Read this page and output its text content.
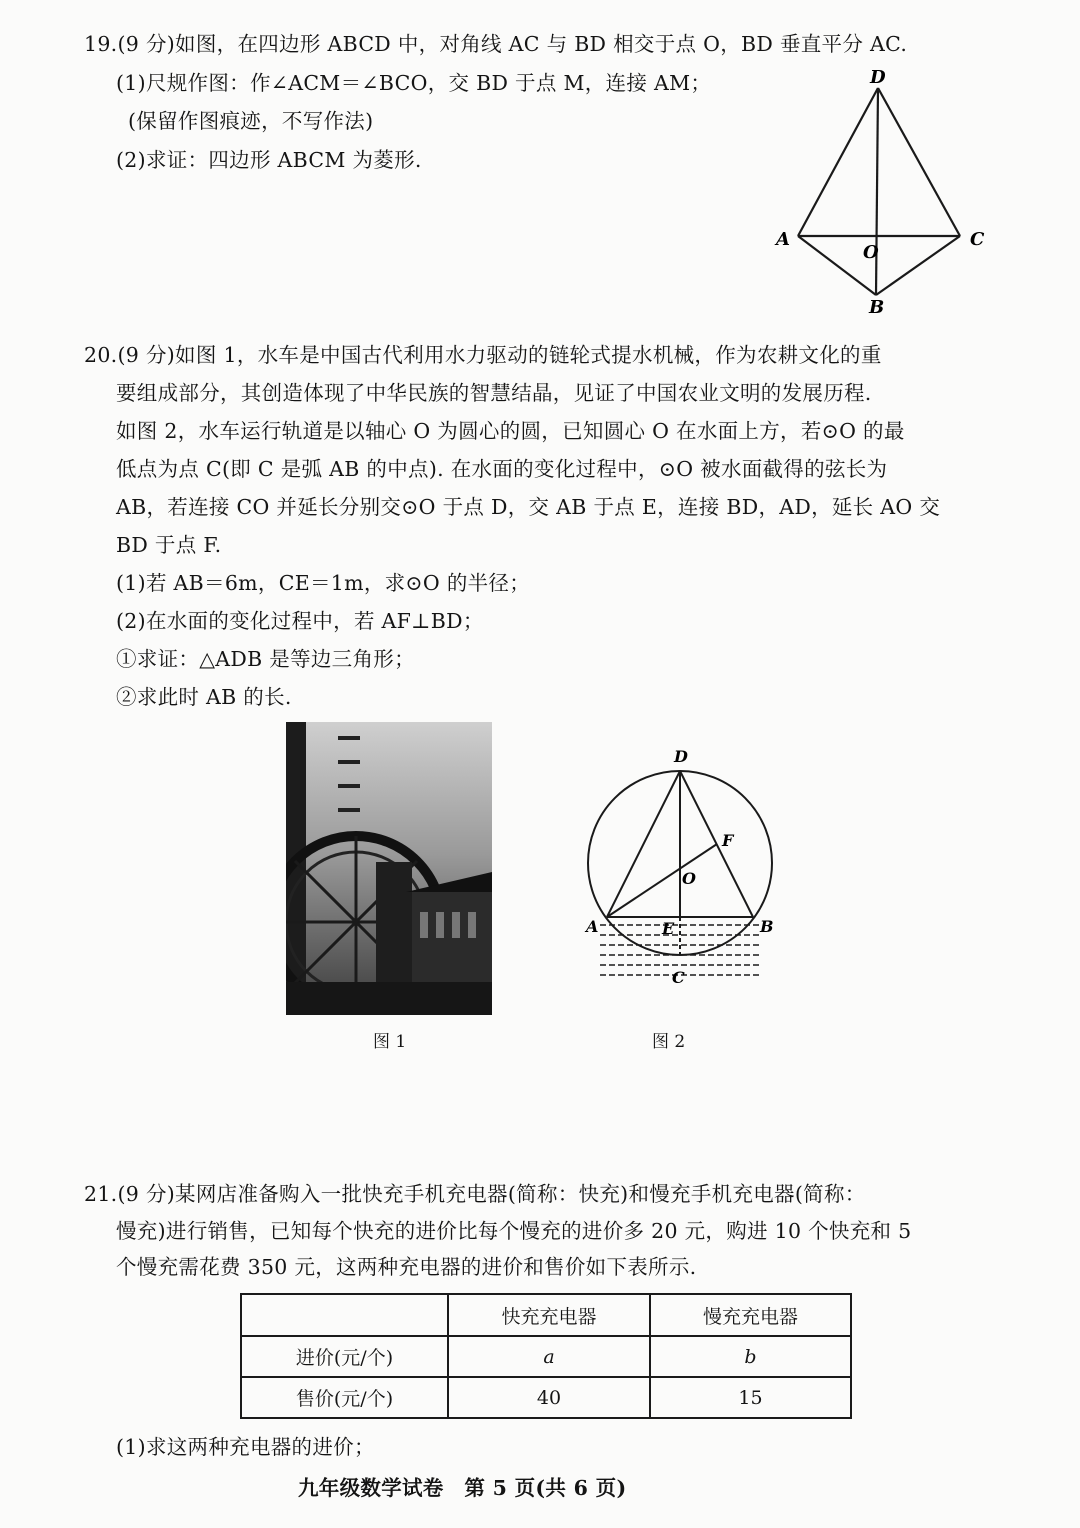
19.(9 分)如图，在四边形 ABCD 中，对角线 AC 与 BD 相交于点 O，BD 垂直平分 AC.
(1)尺规作图：作∠ACM＝∠BCO，交 BD 于点 M，连接 AM；
(保留作图痕迹，不写作法)
(2)求证：四边形 ABCM 为菱形.
D
A
O
C
B
20.(9 分)如图 1，水车是中国古代利用水力驱动的链轮式提水机械，作为农耕文化的重
要组成部分，其创造体现了中华民族的智慧结晶，见证了中国农业文明的发展历程.
如图 2，水车运行轨道是以轴心 O 为圆心的圆，已知圆心 O 在水面上方，若⊙O 的最
低点为点 C(即 C 是弧 AB 的中点). 在水面的变化过程中，⊙O 被水面截得的弦长为
AB，若连接 CO 并延长分别交⊙O 于点 D，交 AB 于点 E，连接 BD，AD，延长 AO 交
BD 于点 F.
(1)若 AB＝6m，CE＝1m，求⊙O 的半径；
(2)在水面的变化过程中，若 AF⊥BD；
①求证：△ADB 是等边三角形；
②求此时 AB 的长.
图 1
D
F
O
A	E	B
C
图 2
21.(9 分)某网店准备购入一批快充手机充电器(简称：快充)和慢充手机充电器(简称：
慢充)进行销售，已知每个快充的进价比每个慢充的进价多 20 元，购进 10 个快充和 5
个慢充需花费 350 元，这两种充电器的进价和售价如下表所示.
	快充充电器	慢充充电器
进价(元/个)	a	b
售价(元/个)	40	15
(1)求这两种充电器的进价；
九年级数学试卷　第 5 页(共 6 页)
